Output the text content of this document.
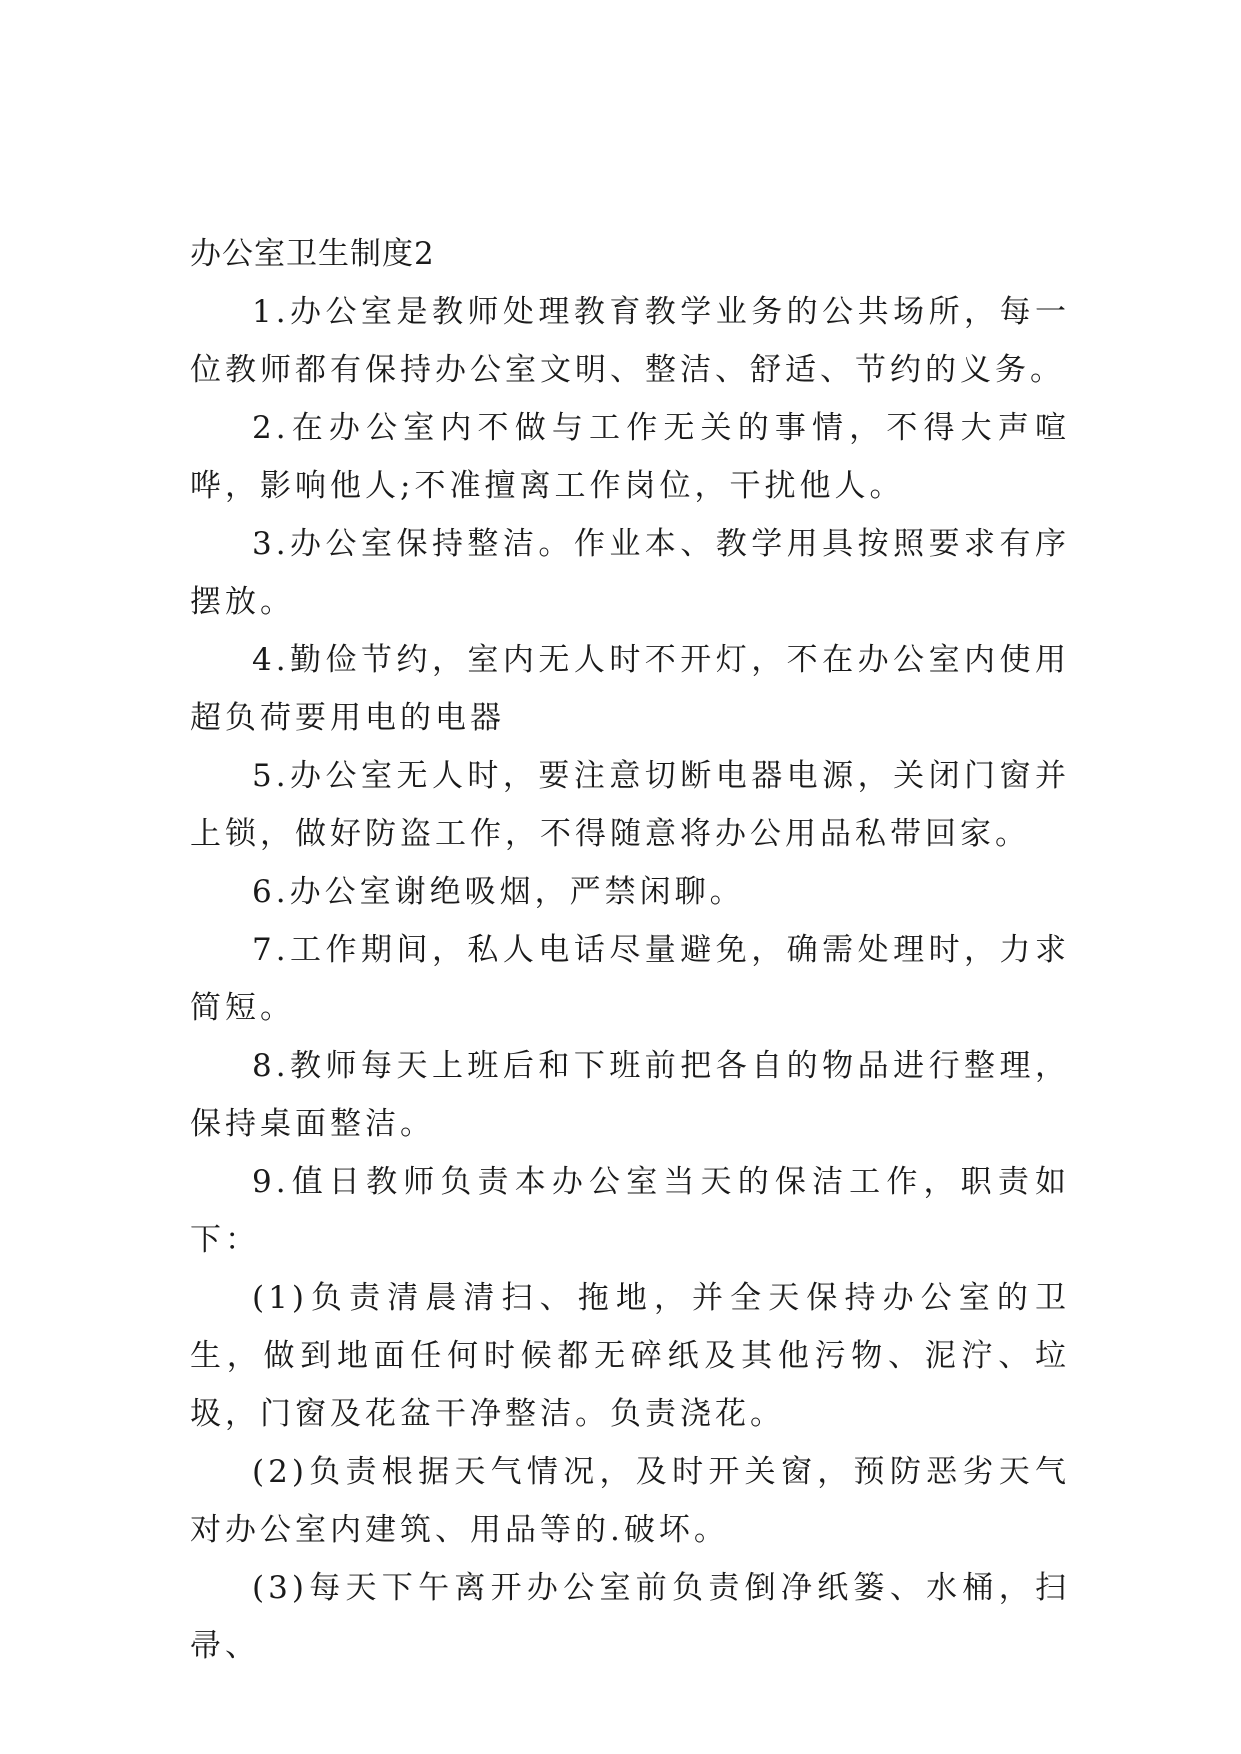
办公室卫生制度2

1.办公室是教师处理教育教学业务的公共场所，每一位教师都有保持办公室文明、整洁、舒适、节约的义务。

2.在办公室内不做与工作无关的事情，不得大声喧哗，影响他人;不准擅离工作岗位，干扰他人。

3.办公室保持整洁。作业本、教学用具按照要求有序摆放。

4.勤俭节约，室内无人时不开灯，不在办公室内使用超负荷要用电的电器

5.办公室无人时，要注意切断电器电源，关闭门窗并上锁，做好防盗工作，不得随意将办公用品私带回家。

6.办公室谢绝吸烟，严禁闲聊。

7.工作期间，私人电话尽量避免，确需处理时，力求简短。

8.教师每天上班后和下班前把各自的物品进行整理，保持桌面整洁。

9.值日教师负责本办公室当天的保洁工作，职责如下：

(1)负责清晨清扫、拖地，并全天保持办公室的卫生，做到地面任何时候都无碎纸及其他污物、泥泞、垃圾，门窗及花盆干净整洁。负责浇花。

(2)负责根据天气情况，及时开关窗，预防恶劣天气对办公室内建筑、用品等的.破坏。

(3)每天下午离开办公室前负责倒净纸篓、水桶，扫帚、
